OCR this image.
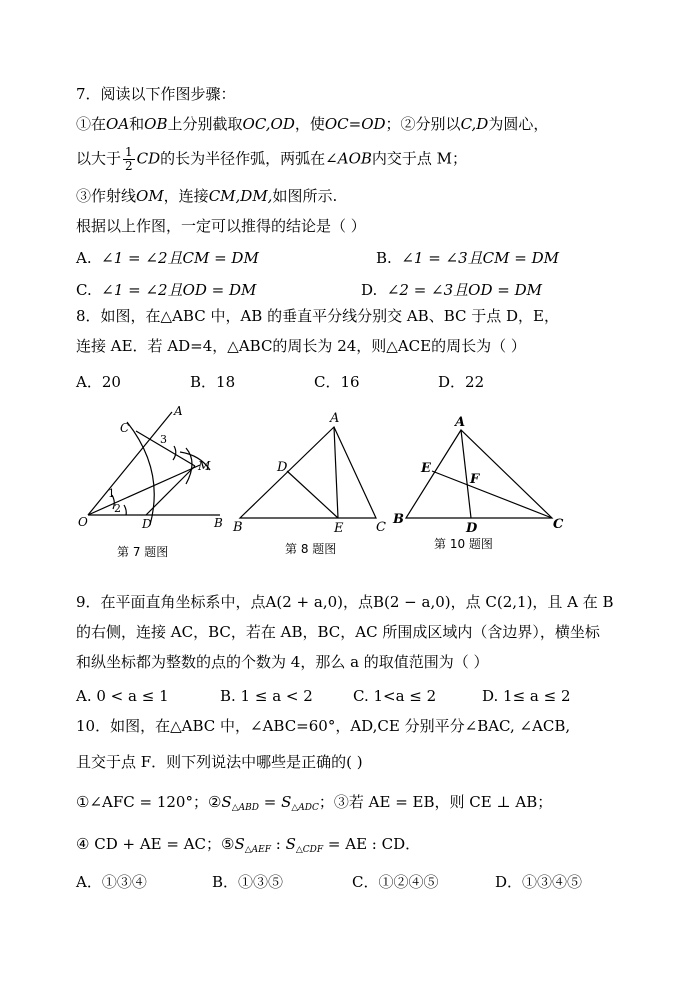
7．阅读以下作图步骤：
①在OA和OB上分别截取OC,OD，使OC=OD；②分别以C,D为圆心，
以大于 $\frac{1}{2}$ CD的长为半径作弧，两弧在∠AOB内交于点 M；
③作射线OM，连接CM,DM,如图所示.
根据以上作图，一定可以推得的结论是（ ）
A. ∠1 = ∠2且CM = DM	B. ∠1 = ∠3且CM = DM
C. ∠1 = ∠2且OD = DM	D. ∠2 = ∠3且OD = DM
8．如图，在△ABC 中，AB 的垂直平分线分别交 AB、BC 于点 D，E，
连接 AE．若 AD=4，△ABC的周长为 24，则△ACE的周长为（ ）
A．20	B．18	C．16	D．22
A
B
C
D
O
M
1
2
3
A
B	C
D
E
A
B	C
D
E
F
第 7 题图	第 8 题图	第 10 题图
9．在平面直角坐标系中，点A(2 + a,0)，点B(2 − a,0)，点 C(2,1)，且 A 在 B
的右侧，连接 AC，BC，若在 AB，BC，AC 所围成区域内（含边界），横坐标
和纵坐标都为整数的点的个数为 4，那么 a 的取值范围为（ ）
A. 0 < a ≤ 1	B. 1 ≤ a < 2	C. 1<a ≤ 2	D. 1≤ a ≤ 2
10．如图，在△ABC 中，∠ABC=60°，AD,CE 分别平分∠BAC, ∠ACB,
且交于点 F．则下列说法中哪些是正确的( )
①∠AFC = 120°；$②S_{\triangle ABD} = S_{\triangle ADC}$；③若 AE = EB，则 CE ⊥ AB；
④ CD + AE = AC；$⑤S_{\triangle AEF}$ : $S_{\triangle CDF}$ = AE : CD．
A．①③④	B．①③⑤	C．①②④⑤	D．①③④⑤
